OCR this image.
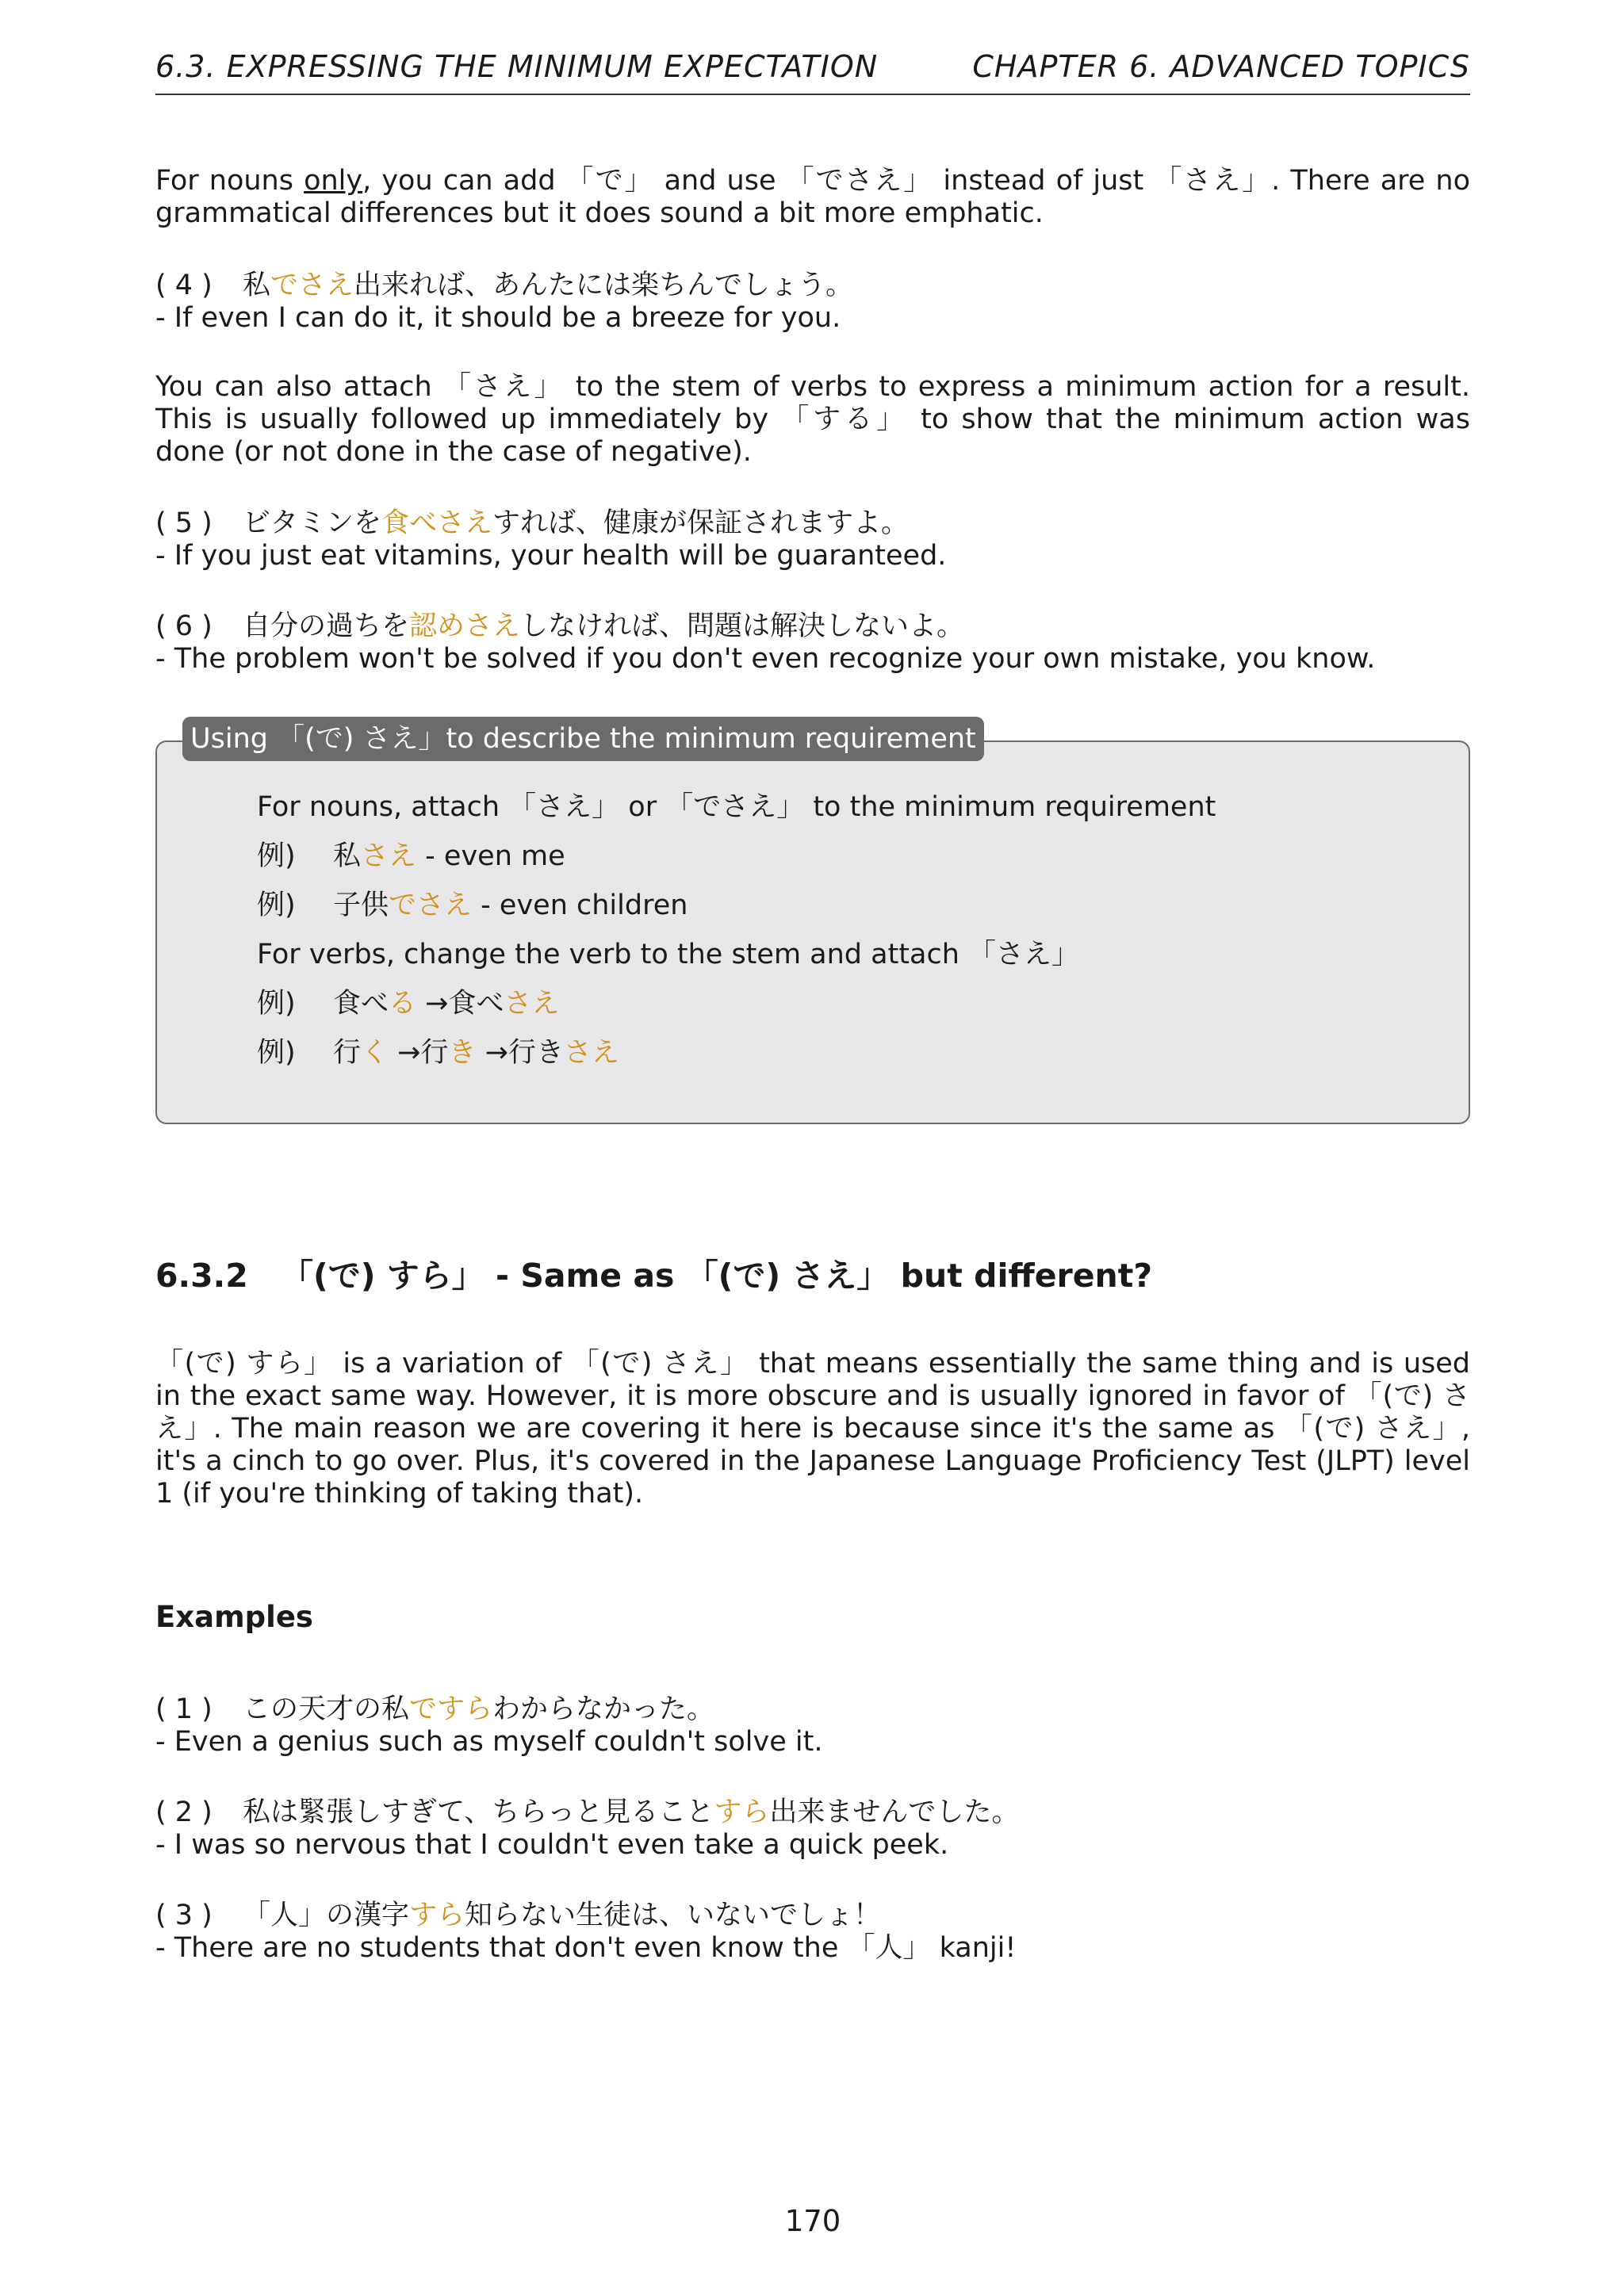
6.3. EXPRESSING THE MINIMUM EXPECTATION	CHAPTER 6. ADVANCED TOPICS
For nouns only, you can add 「で」 and use 「でさえ」 instead of just 「さえ」. There are no grammatical differences but it does sound a bit more emphatic.
( 4 ) 私でさえ出来れば、あんたには楽ちんでしょう。
- If even I can do it, it should be a breeze for you.
You can also attach 「さえ」 to the stem of verbs to express a minimum action for a result. This is usually followed up immediately by 「する」 to show that the minimum action was done (or not done in the case of negative).
( 5 ) ビタミンを食べさえすれば、健康が保証されますよ。
- If you just eat vitamins, your health will be guaranteed.
( 6 ) 自分の過ちを認めさえしなければ、問題は解決しないよ。
- The problem won't be solved if you don't even recognize your own mistake, you know.
Using 「(で) さえ」to describe the minimum requirement
For nouns, attach 「さえ」 or 「でさえ」 to the minimum requirement
例) 私さえ - even me
例) 子供でさえ - even children
For verbs, change the verb to the stem and attach 「さえ」
例) 食べる →食べさえ
例) 行く →行き →行きさえ
6.3.2 「(で) すら」 - Same as 「(で) さえ」 but different?
「(で) すら」 is a variation of 「(で) さえ」 that means essentially the same thing and is used in the exact same way. However, it is more obscure and is usually ignored in favor of 「(で) さえ」. The main reason we are covering it here is because since it's the same as 「(で) さえ」, it's a cinch to go over. Plus, it's covered in the Japanese Language Proficiency Test (JLPT) level 1 (if you're thinking of taking that).
Examples
( 1 ) この天才の私ですらわからなかった。
- Even a genius such as myself couldn't solve it.
( 2 ) 私は緊張しすぎて、ちらっと見ることすら出来ませんでした。
- I was so nervous that I couldn't even take a quick peek.
( 3 ) 「人」の漢字すら知らない生徒は、いないでしょ！
- There are no students that don't even know the 「人」 kanji!
170
